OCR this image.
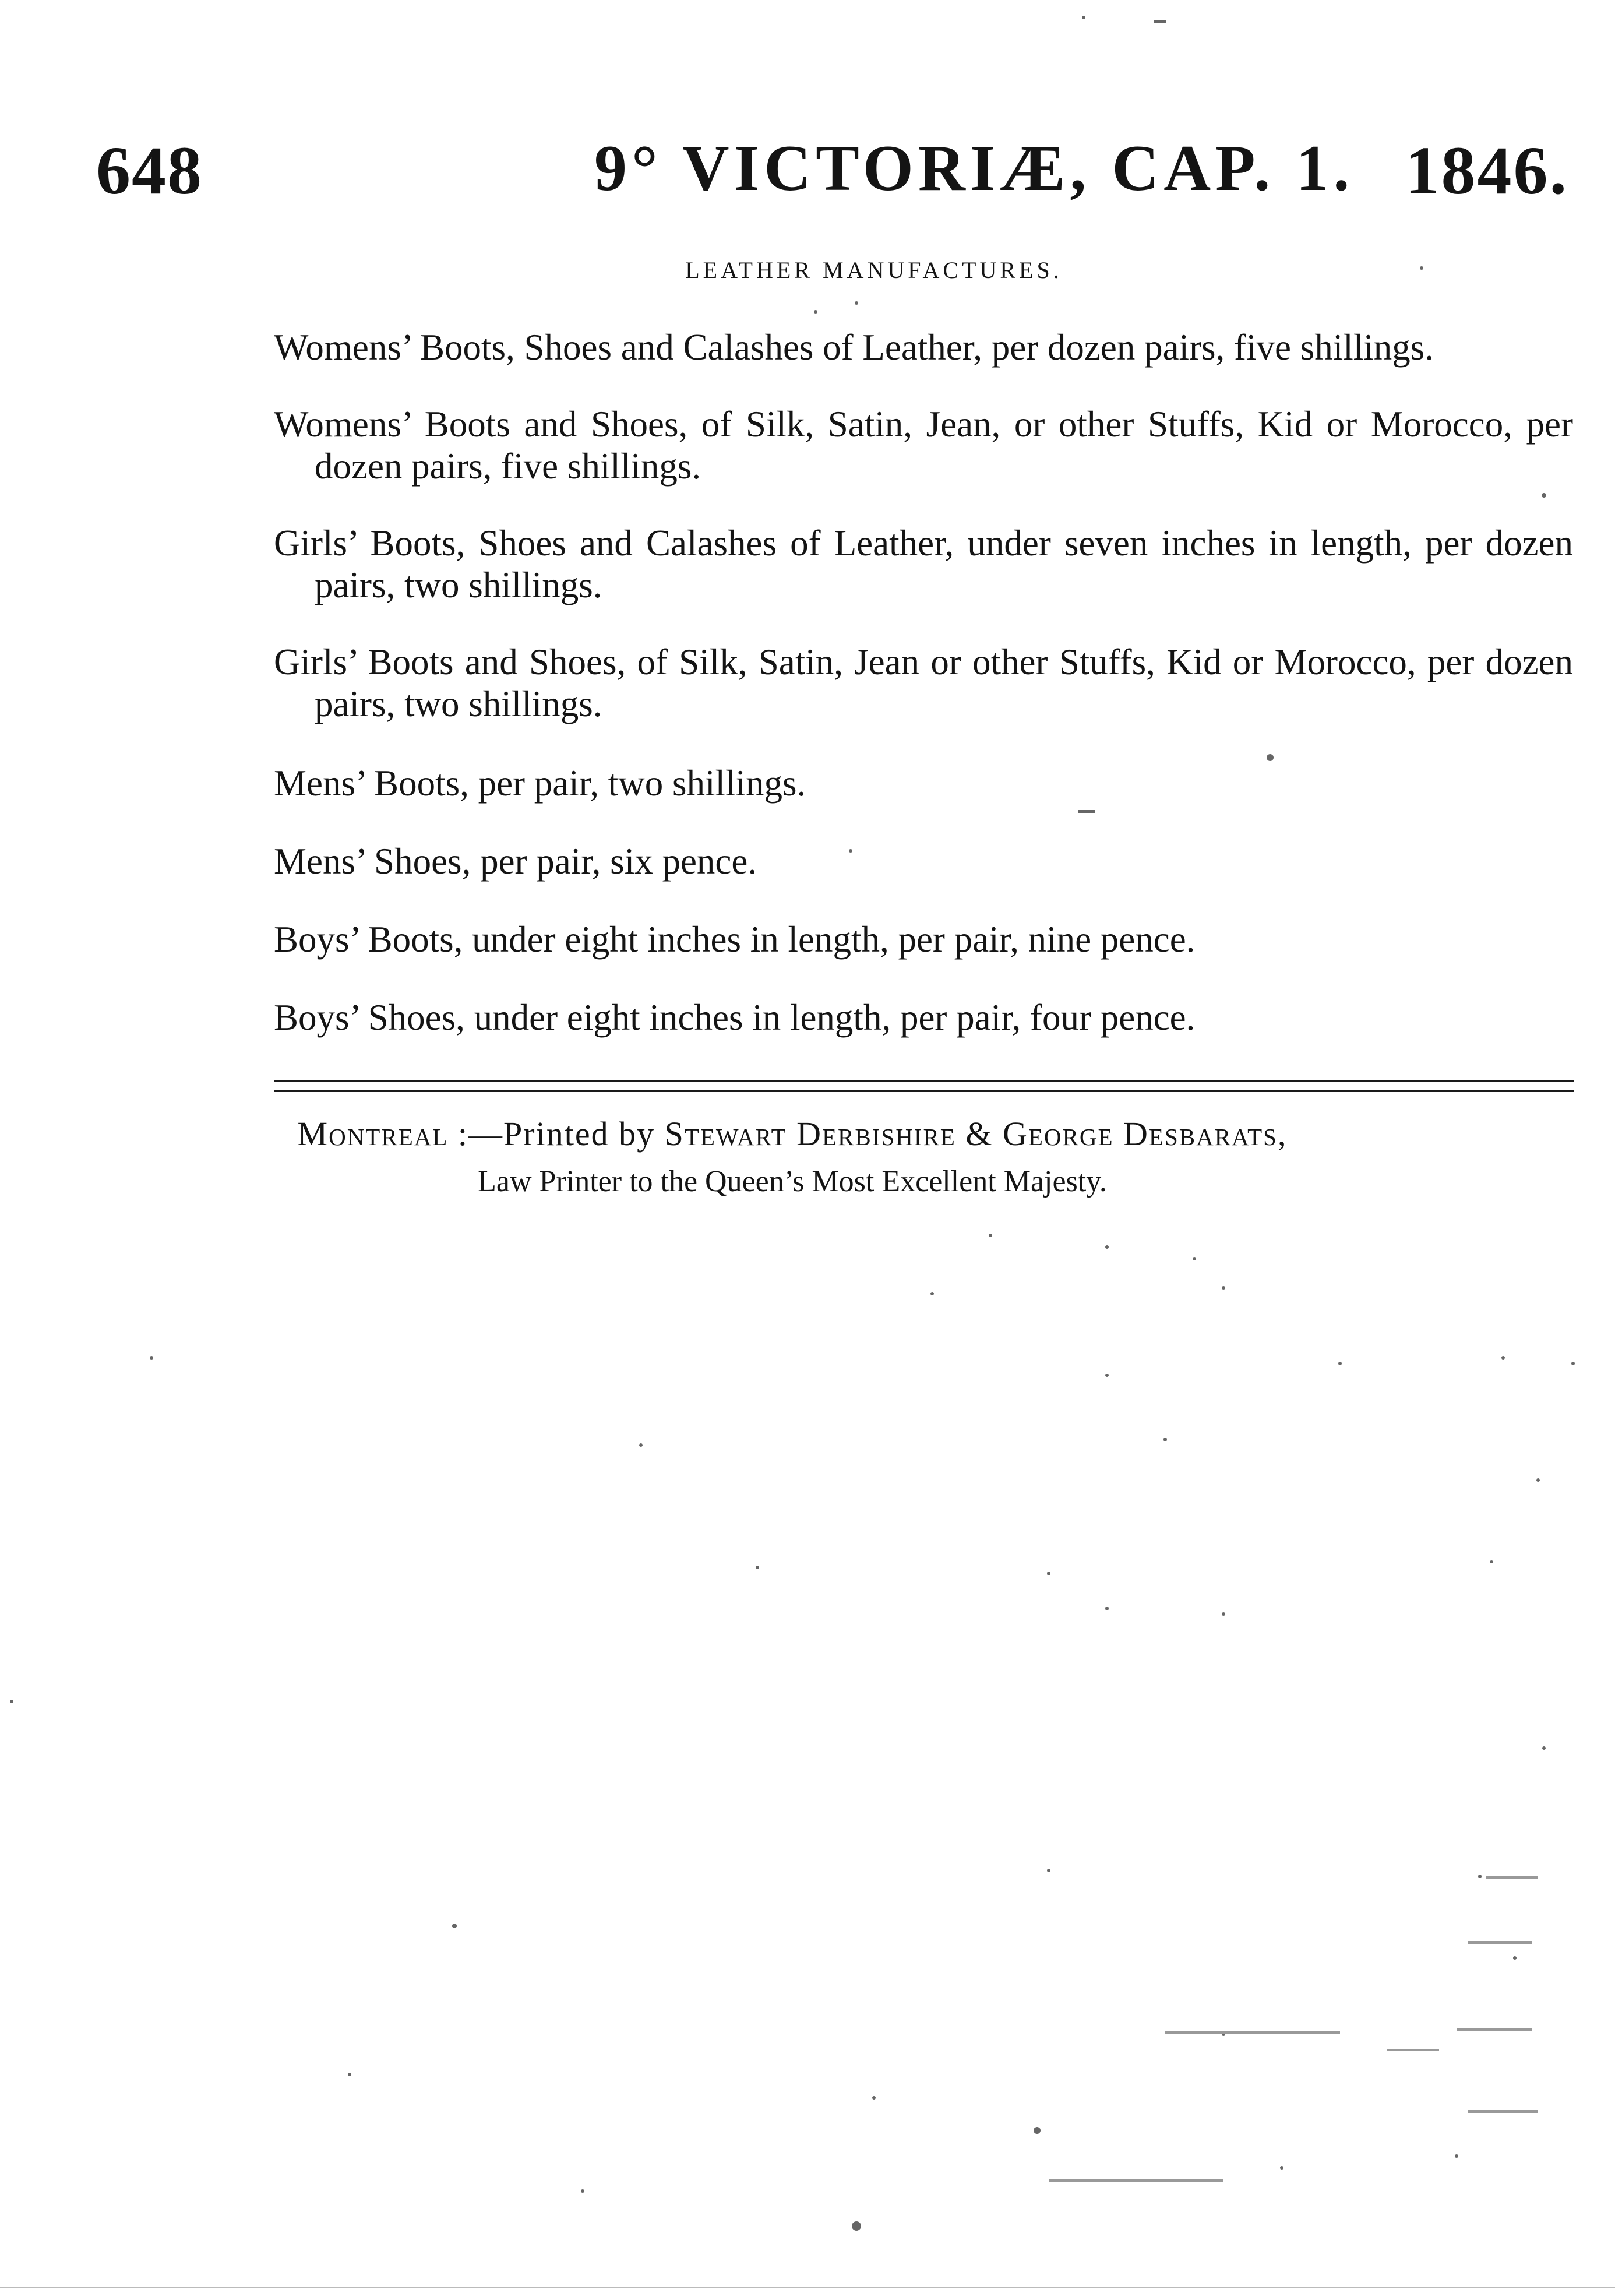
648	9° VICTORIÆ, CAP. 1. 1846.
LEATHER MANUFACTURES.

Womens’ Boots, Shoes and Calashes of Leather, per dozen pairs, five shillings.

Womens’ Boots and Shoes, of Silk, Satin, Jean, or other Stuffs, Kid or Morocco, per dozen pairs, five shillings.

Girls’ Boots, Shoes and Calashes of Leather, under seven inches in length, per dozen pairs, two shillings.

Girls’ Boots and Shoes, of Silk, Satin, Jean or other Stuffs, Kid or Morocco, per dozen pairs, two shillings.

Mens’ Boots, per pair, two shillings.

Mens’ Shoes, per pair, six pence.

Boys’ Boots, under eight inches in length, per pair, nine pence.

Boys’ Shoes, under eight inches in length, per pair, four pence.

Montreal :—Printed by Stewart Derbishire & George Desbarats,
Law Printer to the Queen’s Most Excellent Majesty.
